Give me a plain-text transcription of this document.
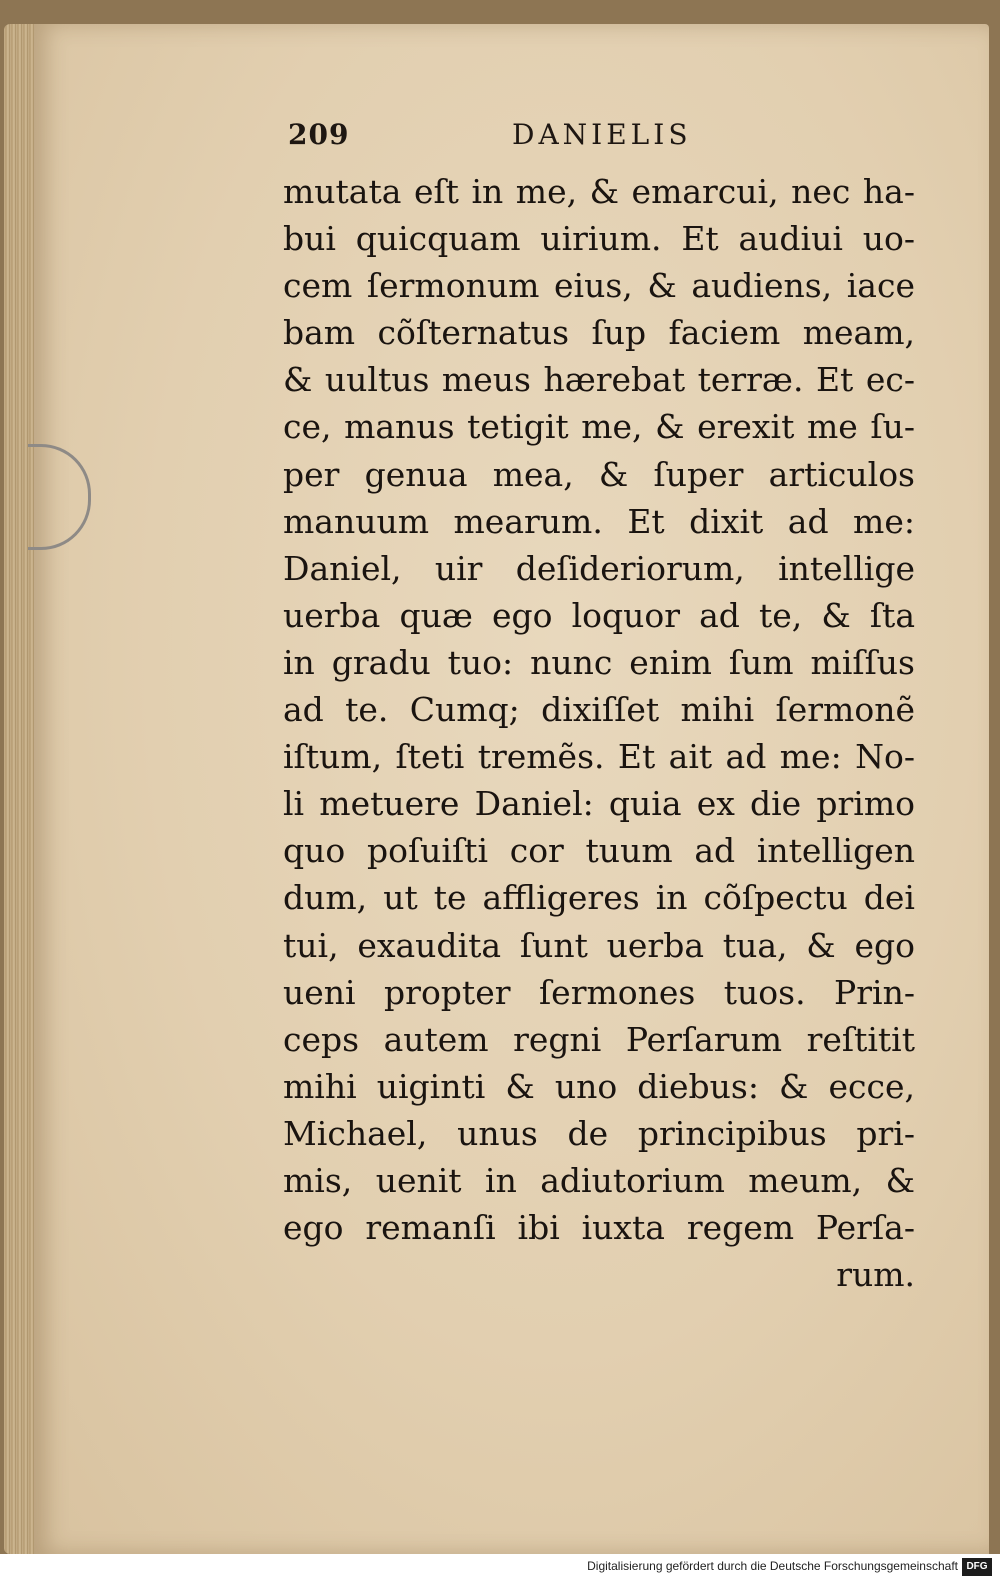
209	DANIELIS
mutata eſt in me, & emarcui, nec ha-
bui quicquam uirium. Et audiui uo-
cem ſermonum eius, & audiens, iace
bam cõſternatus ſup faciem meam,
& uultus meus hærebat terræ. Et ec-
ce, manus tetigit me, & erexit me ſu-
per genua mea, & ſuper articulos
manuum mearum. Et dixit ad me:
Daniel, uir deſideriorum, intellige
uerba quæ ego loquor ad te, & ſta
in gradu tuo: nunc enim ſum miſſus
ad te. Cumq; dixiſſet mihi ſermonẽ
iſtum, ſteti tremẽs. Et ait ad me: No-
li metuere Daniel: quia ex die primo
quo poſuiſti cor tuum ad intelligen
dum, ut te affligeres in cõſpectu dei
tui, exaudita ſunt uerba tua, & ego
ueni propter ſermones tuos. Prin-
ceps autem regni Perſarum reſtitit
mihi uiginti & uno diebus: & ecce,
Michael, unus de principibus pri-
mis, uenit in adiutorium meum, &
ego remanſi ibi iuxta regem Perſa-
rum.
Digitalisierung gefördert durch die Deutsche Forschungsgemeinschaft DFG
